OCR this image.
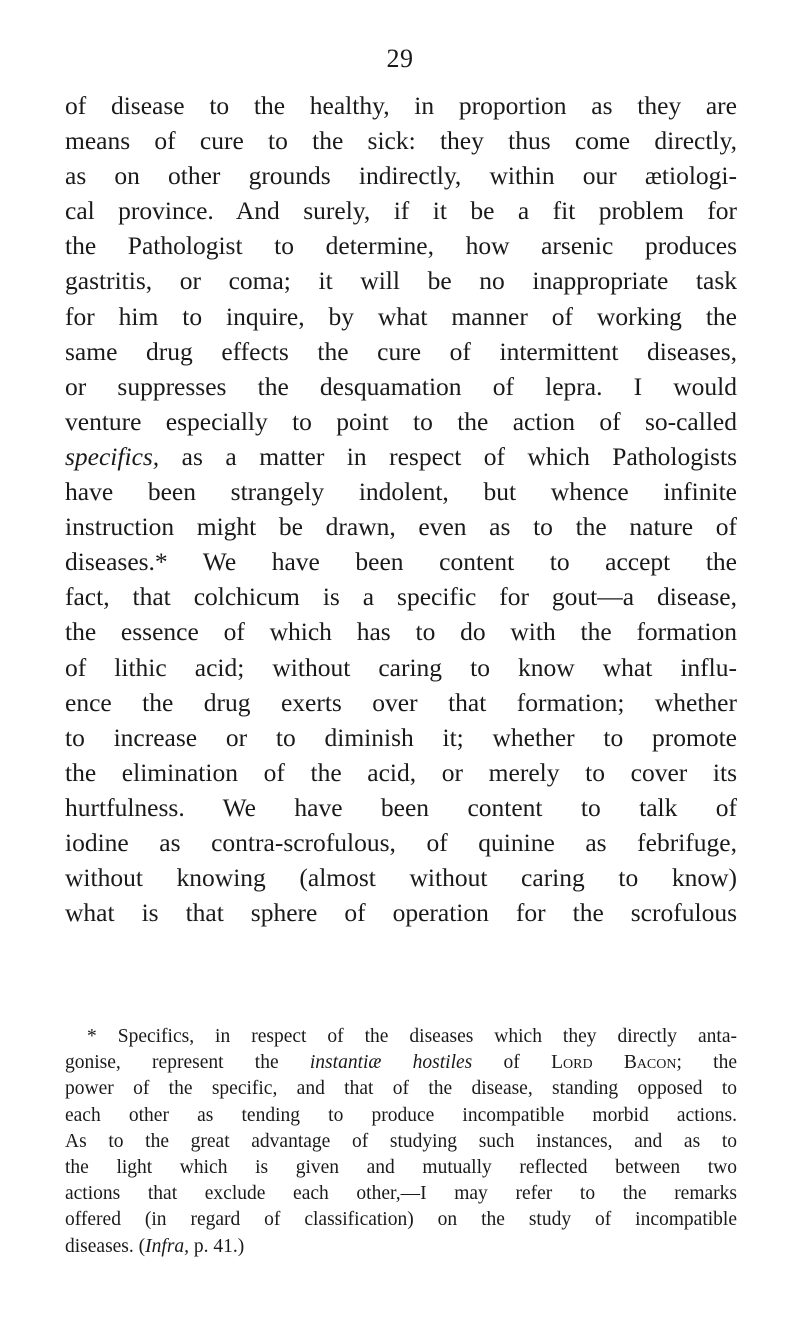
29
of disease to the healthy, in proportion as they are
means of cure to the sick: they thus come directly,
as on other grounds indirectly, within our ætiologi-
cal province. And surely, if it be a fit problem for
the Pathologist to determine, how arsenic produces
gastritis, or coma; it will be no inappropriate task
for him to inquire, by what manner of working the
same drug effects the cure of intermittent diseases,
or suppresses the desquamation of lepra. I would
venture especially to point to the action of so-called
specifics, as a matter in respect of which Pathologists
have been strangely indolent, but whence infinite
instruction might be drawn, even as to the nature of
diseases.* We have been content to accept the
fact, that colchicum is a specific for gout—a disease,
the essence of which has to do with the formation
of lithic acid; without caring to know what influ-
ence the drug exerts over that formation; whether
to increase or to diminish it; whether to promote
the elimination of the acid, or merely to cover its
hurtfulness. We have been content to talk of
iodine as contra-scrofulous, of quinine as febrifuge,
without knowing (almost without caring to know)
what is that sphere of operation for the scrofulous
* Specifics, in respect of the diseases which they directly anta-
gonise, represent the instantiæ hostiles of Lord Bacon; the
power of the specific, and that of the disease, standing opposed to
each other as tending to produce incompatible morbid actions.
As to the great advantage of studying such instances, and as to
the light which is given and mutually reflected between two
actions that exclude each other,—I may refer to the remarks
offered (in regard of classification) on the study of incompatible
diseases. (Infra, p. 41.)
